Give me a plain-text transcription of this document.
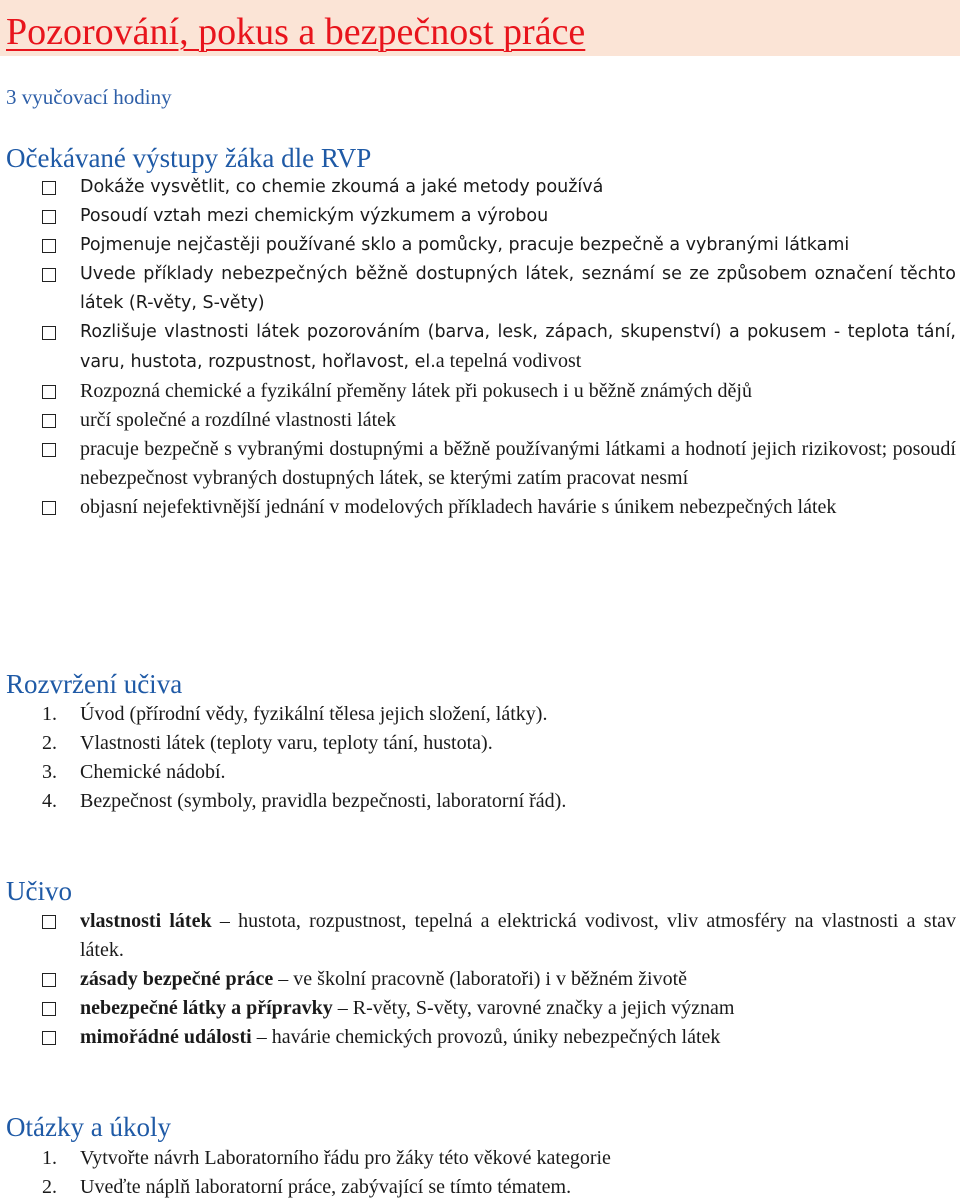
Pozorování, pokus a bezpečnost práce
3 vyučovací hodiny
Očekávané výstupy žáka dle RVP
Dokáže vysvětlit, co chemie zkoumá a jaké metody používá
Posoudí vztah mezi chemickým výzkumem a výrobou
Pojmenuje nejčastěji používané sklo a pomůcky, pracuje bezpečně a vybranými látkami
Uvede příklady nebezpečných běžně dostupných látek, seznámí se ze způsobem označení těchto látek (R-věty, S-věty)
Rozlišuje vlastnosti látek pozorováním (barva, lesk, zápach, skupenství) a pokusem - teplota tání, varu, hustota, rozpustnost, hořlavost, el.a tepelná vodivost
Rozpozná chemické a fyzikální přeměny látek při pokusech i u běžně známých dějů
určí společné a rozdílné vlastnosti látek
pracuje bezpečně s vybranými dostupnými a běžně používanými látkami a hodnotí jejich rizikovost; posoudí nebezpečnost vybraných dostupných látek, se kterými zatím pracovat nesmí
objasní nejefektivnější jednání v modelových příkladech havárie s únikem nebezpečných látek
Rozvržení učiva
1. Úvod (přírodní vědy, fyzikální tělesa jejich složení, látky).
2. Vlastnosti látek (teploty varu, teploty tání, hustota).
3. Chemické nádobí.
4. Bezpečnost (symboly, pravidla bezpečnosti, laboratorní řád).
Učivo
vlastnosti látek – hustota, rozpustnost, tepelná a elektrická vodivost, vliv atmosféry na vlastnosti a stav látek.
zásady bezpečné práce – ve školní pracovně (laboratoři) i v běžném životě
nebezpečné látky a přípravky – R-věty, S-věty, varovné značky a jejich význam
mimořádné události – havárie chemických provozů, úniky nebezpečných látek
Otázky a úkoly
1. Vytvořte návrh Laboratorního řádu pro žáky této věkové kategorie
2. Uveďte náplň laboratorní práce, zabývající se tímto tématem.
